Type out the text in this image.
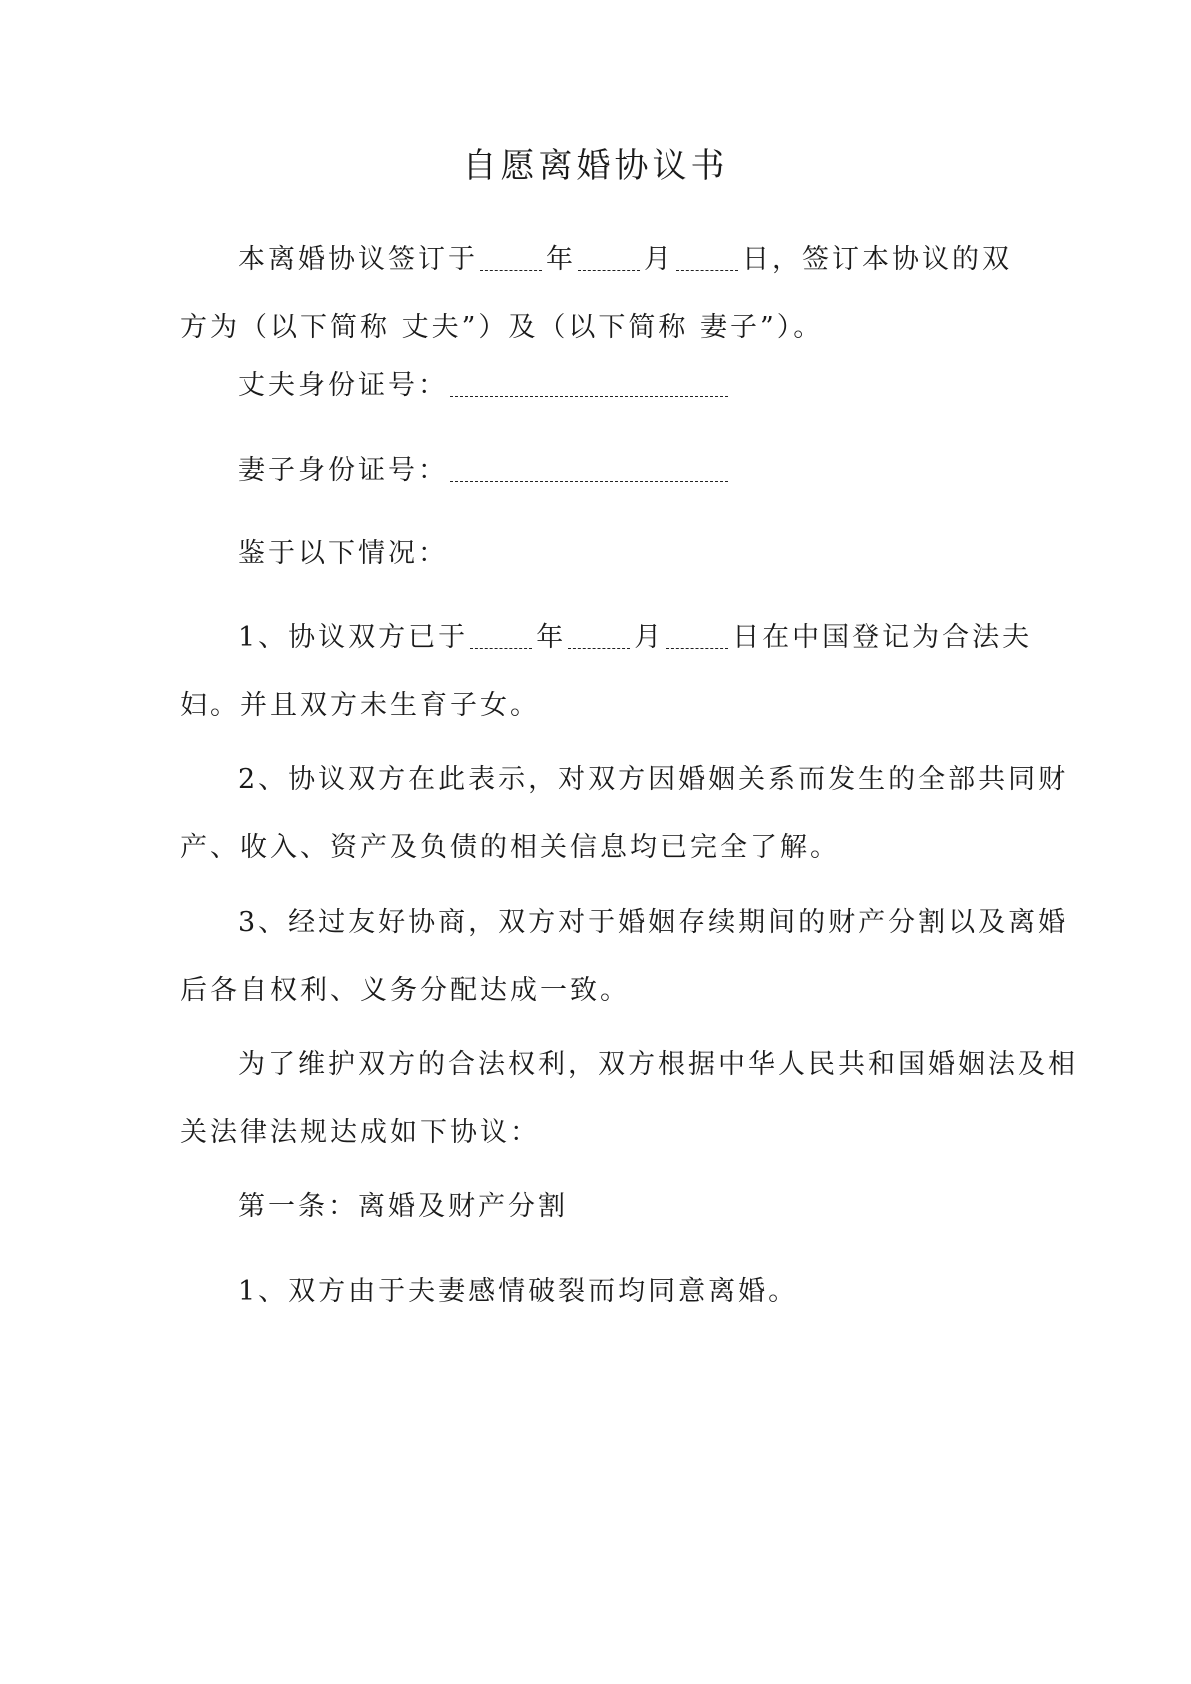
自愿离婚协议书
本离婚协议签订于	年	月	日，签订本协议的双
方为（以下简称 丈夫”）及（以下简称 妻子”）。
丈夫身份证号：
妻子身份证号：
鉴于以下情况：
1、协议双方已于	年	月	日在中国登记为合法夫
妇。并且双方未生育子女。
2、协议双方在此表示，对双方因婚姻关系而发生的全部共同财
产、收入、资产及负债的相关信息均已完全了解。
3、经过友好协商，双方对于婚姻存续期间的财产分割以及离婚
后各自权利、义务分配达成一致。
为了维护双方的合法权利，双方根据中华人民共和国婚姻法及相
关法律法规达成如下协议：
第一条：离婚及财产分割
1、双方由于夫妻感情破裂而均同意离婚。
